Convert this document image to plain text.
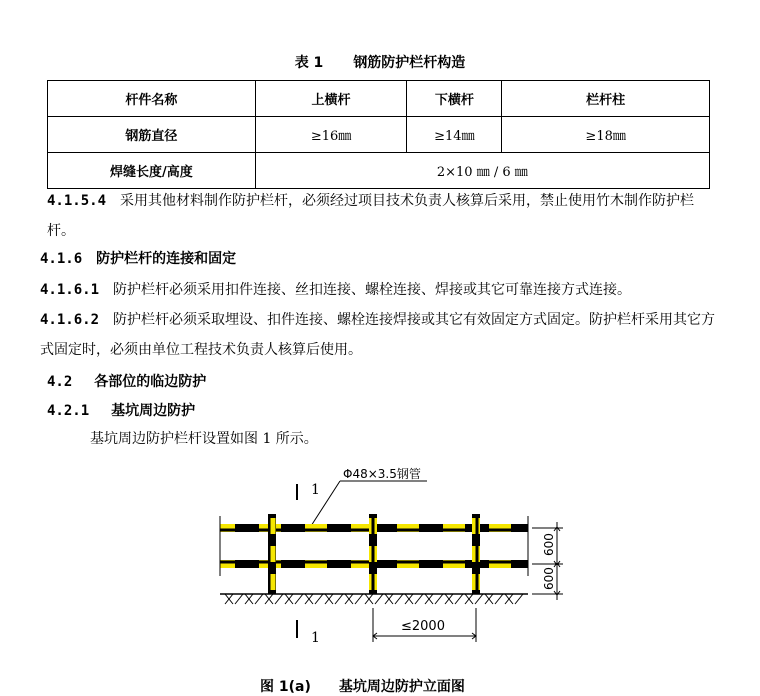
表 1 钢筋防护栏杆构造
杆件名称	上横杆	下横杆	栏杆柱
钢筋直径	≥16㎜	≥14㎜	≥18㎜
焊缝长度/高度	2×10 ㎜ / 6 ㎜		
4.1.5.4 采用其他材料制作防护栏杆，必须经过项目技术负责人核算后采用，禁止使用竹木制作防护栏杆。
4.1.6 防护栏杆的连接和固定
4.1.6.1 防护栏杆必须采用扣件连接、丝扣连接、螺栓连接、焊接或其它可靠连接方式连接。
4.1.6.2 防护栏杆必须采取埋设、扣件连接、螺栓连接焊接或其它有效固定方式固定。防护栏杆采用其它方式固定时，必须由单位工程技术负责人核算后使用。
4.2 各部位的临边防护
4.2.1 基坑周边防护
基坑周边防护栏杆设置如图 1 所示。
1
1
Φ48×3.5钢管
600
600
≤2000
图 1(a) 基坑周边防护立面图
